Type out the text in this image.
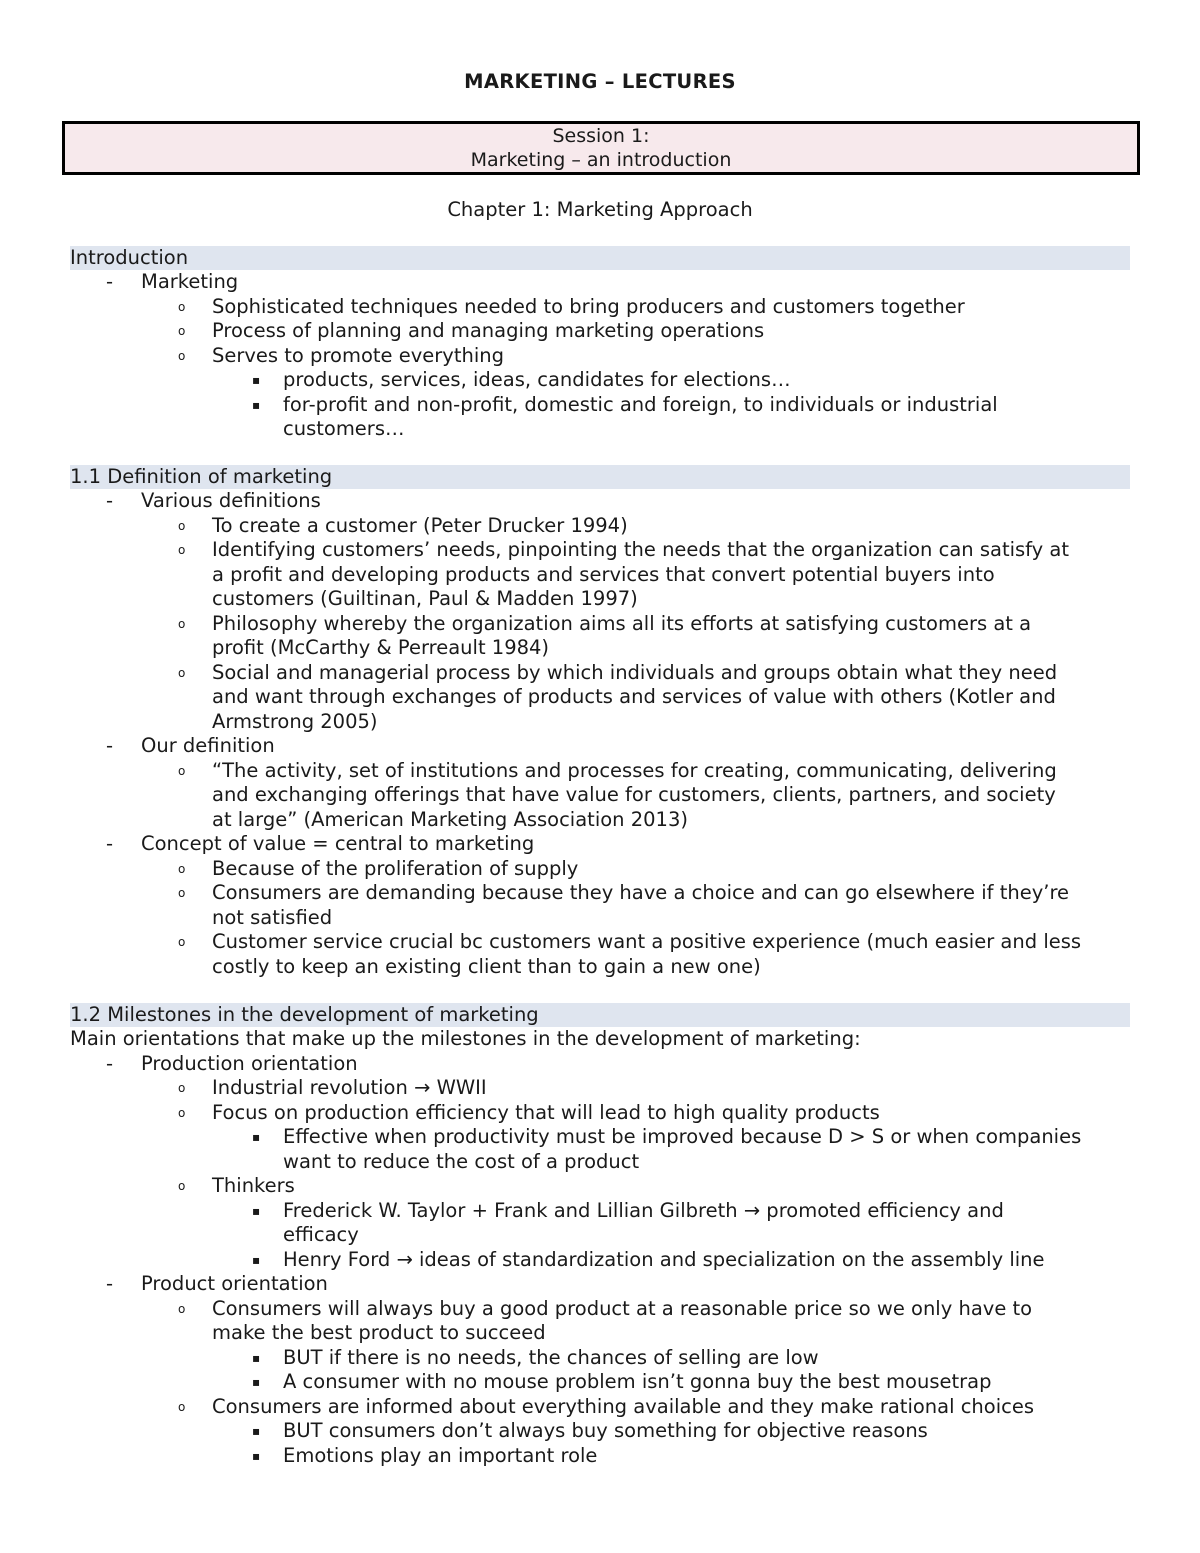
MARKETING – LECTURES
Session 1:
Marketing – an introduction
Chapter 1: Marketing Approach
Introduction
- Marketing
o Sophisticated techniques needed to bring producers and customers together
o Process of planning and managing marketing operations
o Serves to promote everything
▪ products, services, ideas, candidates for elections…
▪ for-profit and non-profit, domestic and foreign, to individuals or industrial
customers…
1.1 Definition of marketing
- Various definitions
o To create a customer (Peter Drucker 1994)
o Identifying customers’ needs, pinpointing the needs that the organization can satisfy at
a profit and developing products and services that convert potential buyers into
customers (Guiltinan, Paul & Madden 1997)
o Philosophy whereby the organization aims all its efforts at satisfying customers at a
profit (McCarthy & Perreault 1984)
o Social and managerial process by which individuals and groups obtain what they need
and want through exchanges of products and services of value with others (Kotler and
Armstrong 2005)
- Our definition
o “The activity, set of institutions and processes for creating, communicating, delivering
and exchanging offerings that have value for customers, clients, partners, and society
at large” (American Marketing Association 2013)
- Concept of value = central to marketing
o Because of the proliferation of supply
o Consumers are demanding because they have a choice and can go elsewhere if they’re
not satisfied
o Customer service crucial bc customers want a positive experience (much easier and less
costly to keep an existing client than to gain a new one)
1.2 Milestones in the development of marketing
Main orientations that make up the milestones in the development of marketing:
- Production orientation
o Industrial revolution → WWII
o Focus on production efficiency that will lead to high quality products
▪ Effective when productivity must be improved because D > S or when companies
want to reduce the cost of a product
o Thinkers
▪ Frederick W. Taylor + Frank and Lillian Gilbreth → promoted efficiency and
efficacy
▪ Henry Ford → ideas of standardization and specialization on the assembly line
- Product orientation
o Consumers will always buy a good product at a reasonable price so we only have to
make the best product to succeed
▪ BUT if there is no needs, the chances of selling are low
▪ A consumer with no mouse problem isn’t gonna buy the best mousetrap
o Consumers are informed about everything available and they make rational choices
▪ BUT consumers don’t always buy something for objective reasons
▪ Emotions play an important role
